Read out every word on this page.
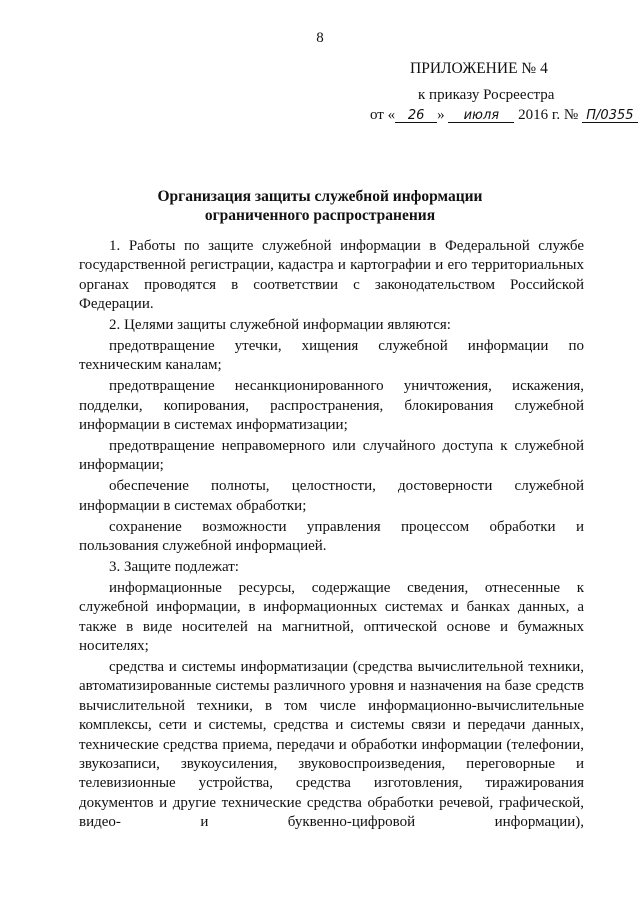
8
ПРИЛОЖЕНИЕ № 4
к приказу Росреестра
от « 26 » июля 2016 г. № П/0355
Организация защиты служебной информации
ограниченного распространения

1. Работы по защите служебной информации в Федеральной службе государственной регистрации, кадастра и картографии и его территориальных органах проводятся в соответствии с законодательством Российской Федерации.

2. Целями защиты служебной информации являются:

предотвращение утечки, хищения служебной информации по техническим каналам;

предотвращение несанкционированного уничтожения, искажения, подделки, копирования, распространения, блокирования служебной информации в системах информатизации;

предотвращение неправомерного или случайного доступа к служебной информации;

обеспечение полноты, целостности, достоверности служебной информации в системах обработки;

сохранение возможности управления процессом обработки и пользования служебной информацией.

3. Защите подлежат:

информационные ресурсы, содержащие сведения, отнесенные к служебной информации, в информационных системах и банках данных, а также в виде носителей на магнитной, оптической основе и бумажных носителях;

средства и системы информатизации (средства вычислительной техники, автоматизированные системы различного уровня и назначения на базе средств вычислительной техники, в том числе информационно-вычислительные комплексы, сети и системы, средства и системы связи и передачи данных, технические средства приема, передачи и обработки информации (телефонии, звукозаписи, звукоусиления, звуковоспроизведения, переговорные и телевизионные устройства, средства изготовления, тиражирования документов и другие технические средства обработки речевой, графической, видео- и буквенно-цифровой информации),
